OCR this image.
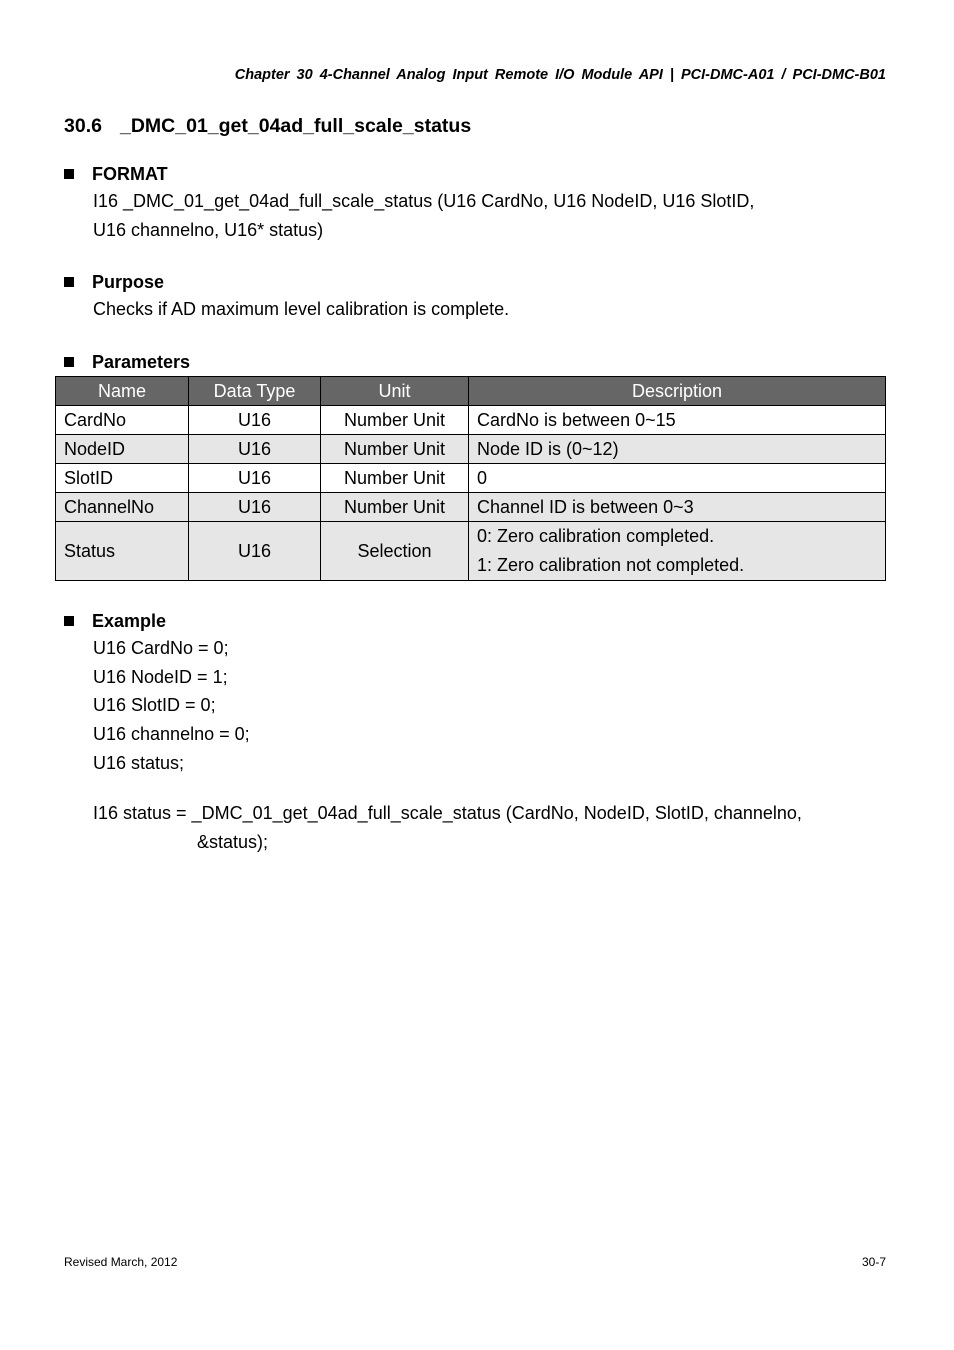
Chapter 30 4-Channel Analog Input Remote I/O Module API | PCI-DMC-A01 / PCI-DMC-B01
30.6 _DMC_01_get_04ad_full_scale_status
FORMAT
I16 _DMC_01_get_04ad_full_scale_status (U16 CardNo, U16 NodeID, U16 SlotID,
U16 channelno, U16* status)
Purpose
Checks if AD maximum level calibration is complete.
Parameters
Name	Data Type	Unit	Description
CardNo	U16	Number Unit	CardNo is between 0~15
NodeID	U16	Number Unit	Node ID is (0~12)
SlotID	U16	Number Unit	0
ChannelNo	U16	Number Unit	Channel ID is between 0~3
Status	U16	Selection	0: Zero calibration completed.
1: Zero calibration not completed.
Example
U16 CardNo = 0;
U16 NodeID = 1;
U16 SlotID = 0;
U16 channelno = 0;
U16 status;
I16 status = _DMC_01_get_04ad_full_scale_status (CardNo, NodeID, SlotID, channelno,
&status);
Revised March, 2012	30-7
